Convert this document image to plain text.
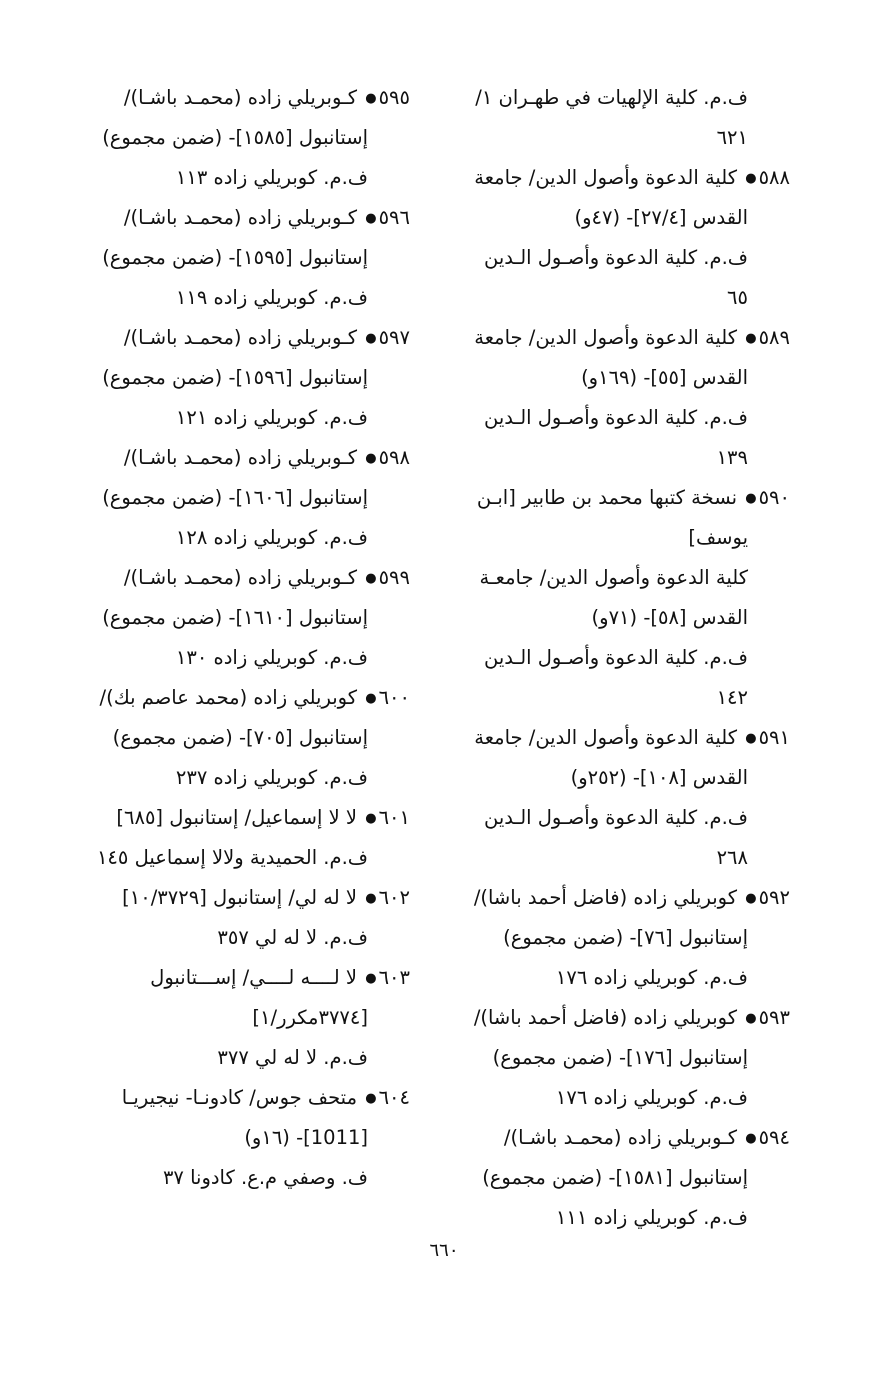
ف.م. كلية الإلهيات في طهـران ١/
٦٢١
٥٨٨● كلية الدعوة وأصول الدين/ جامعة
القدس [٢٧/٤]- (٤٧و)
ف.م. كلية الدعوة وأصـول الـدين
٦٥
٥٨٩● كلية الدعوة وأصول الدين/ جامعة
القدس [٥٥]- (١٦٩و)
ف.م. كلية الدعوة وأصـول الـدين
١٣٩
٥٩٠● نسخة كتبها محمد بن طابير [ابـن
يوسف]
كلية الدعوة وأصول الدين/ جامعـة
القدس [٥٨]- (٧١و)
ف.م. كلية الدعوة وأصـول الـدين
١٤٢
٥٩١● كلية الدعوة وأصول الدين/ جامعة
القدس [١٠٨]- (٢٥٢و)
ف.م. كلية الدعوة وأصـول الـدين
٢٦٨
٥٩٢● كوبريلي زاده (فاضل أحمد باشا)/
إستانبول [٧٦]- (ضمن مجموع)
ف.م. كوبريلي زاده ١٧٦
٥٩٣● كوبريلي زاده (فاضل أحمد باشا)/
إستانبول [١٧٦]- (ضمن مجموع)
ف.م. كوبريلي زاده ١٧٦
٥٩٤● كـوبريلي زاده (محمـد باشـا)/
إستانبول [١٥٨١]- (ضمن مجموع)
ف.م. كوبريلي زاده ١١١
٥٩٥● كـوبريلي زاده (محمـد باشـا)/
إستانبول [١٥٨٥]- (ضمن مجموع)
ف.م. كوبريلي زاده ١١٣
٥٩٦● كـوبريلي زاده (محمـد باشـا)/
إستانبول [١٥٩٥]- (ضمن مجموع)
ف.م. كوبريلي زاده ١١٩
٥٩٧● كـوبريلي زاده (محمـد باشـا)/
إستانبول [١٥٩٦]- (ضمن مجموع)
ف.م. كوبريلي زاده ١٢١
٥٩٨● كـوبريلي زاده (محمـد باشـا)/
إستانبول [١٦٠٦]- (ضمن مجموع)
ف.م. كوبريلي زاده ١٢٨
٥٩٩● كـوبريلي زاده (محمـد باشـا)/
إستانبول [١٦١٠]- (ضمن مجموع)
ف.م. كوبريلي زاده ١٣٠
٦٠٠● كوبريلي زاده (محمد عاصم بك)/
إستانبول [٧٠٥]- (ضمن مجموع)
ف.م. كوبريلي زاده ٢٣٧
٦٠١● لا لا إسماعيل/ إستانبول [٦٨٥]
ف.م. الحميدية ولالا إسماعيل ١٤٥
٦٠٢● لا له لي/ إستانبول [١٠/٣٧٢٩]
ف.م. لا له لي ٣٥٧
٦٠٣● لا لــــه لــــي/ إســـتانبول
[٣٧٧٤مكرر/١]
ف.م. لا له لي ٣٧٧
٦٠٤● متحف جوس/ كادونـا- نيجيريـا
[1011]- (١٦و)
ف. وصفي م.ع. كادونا ٣٧
٦٦٠
